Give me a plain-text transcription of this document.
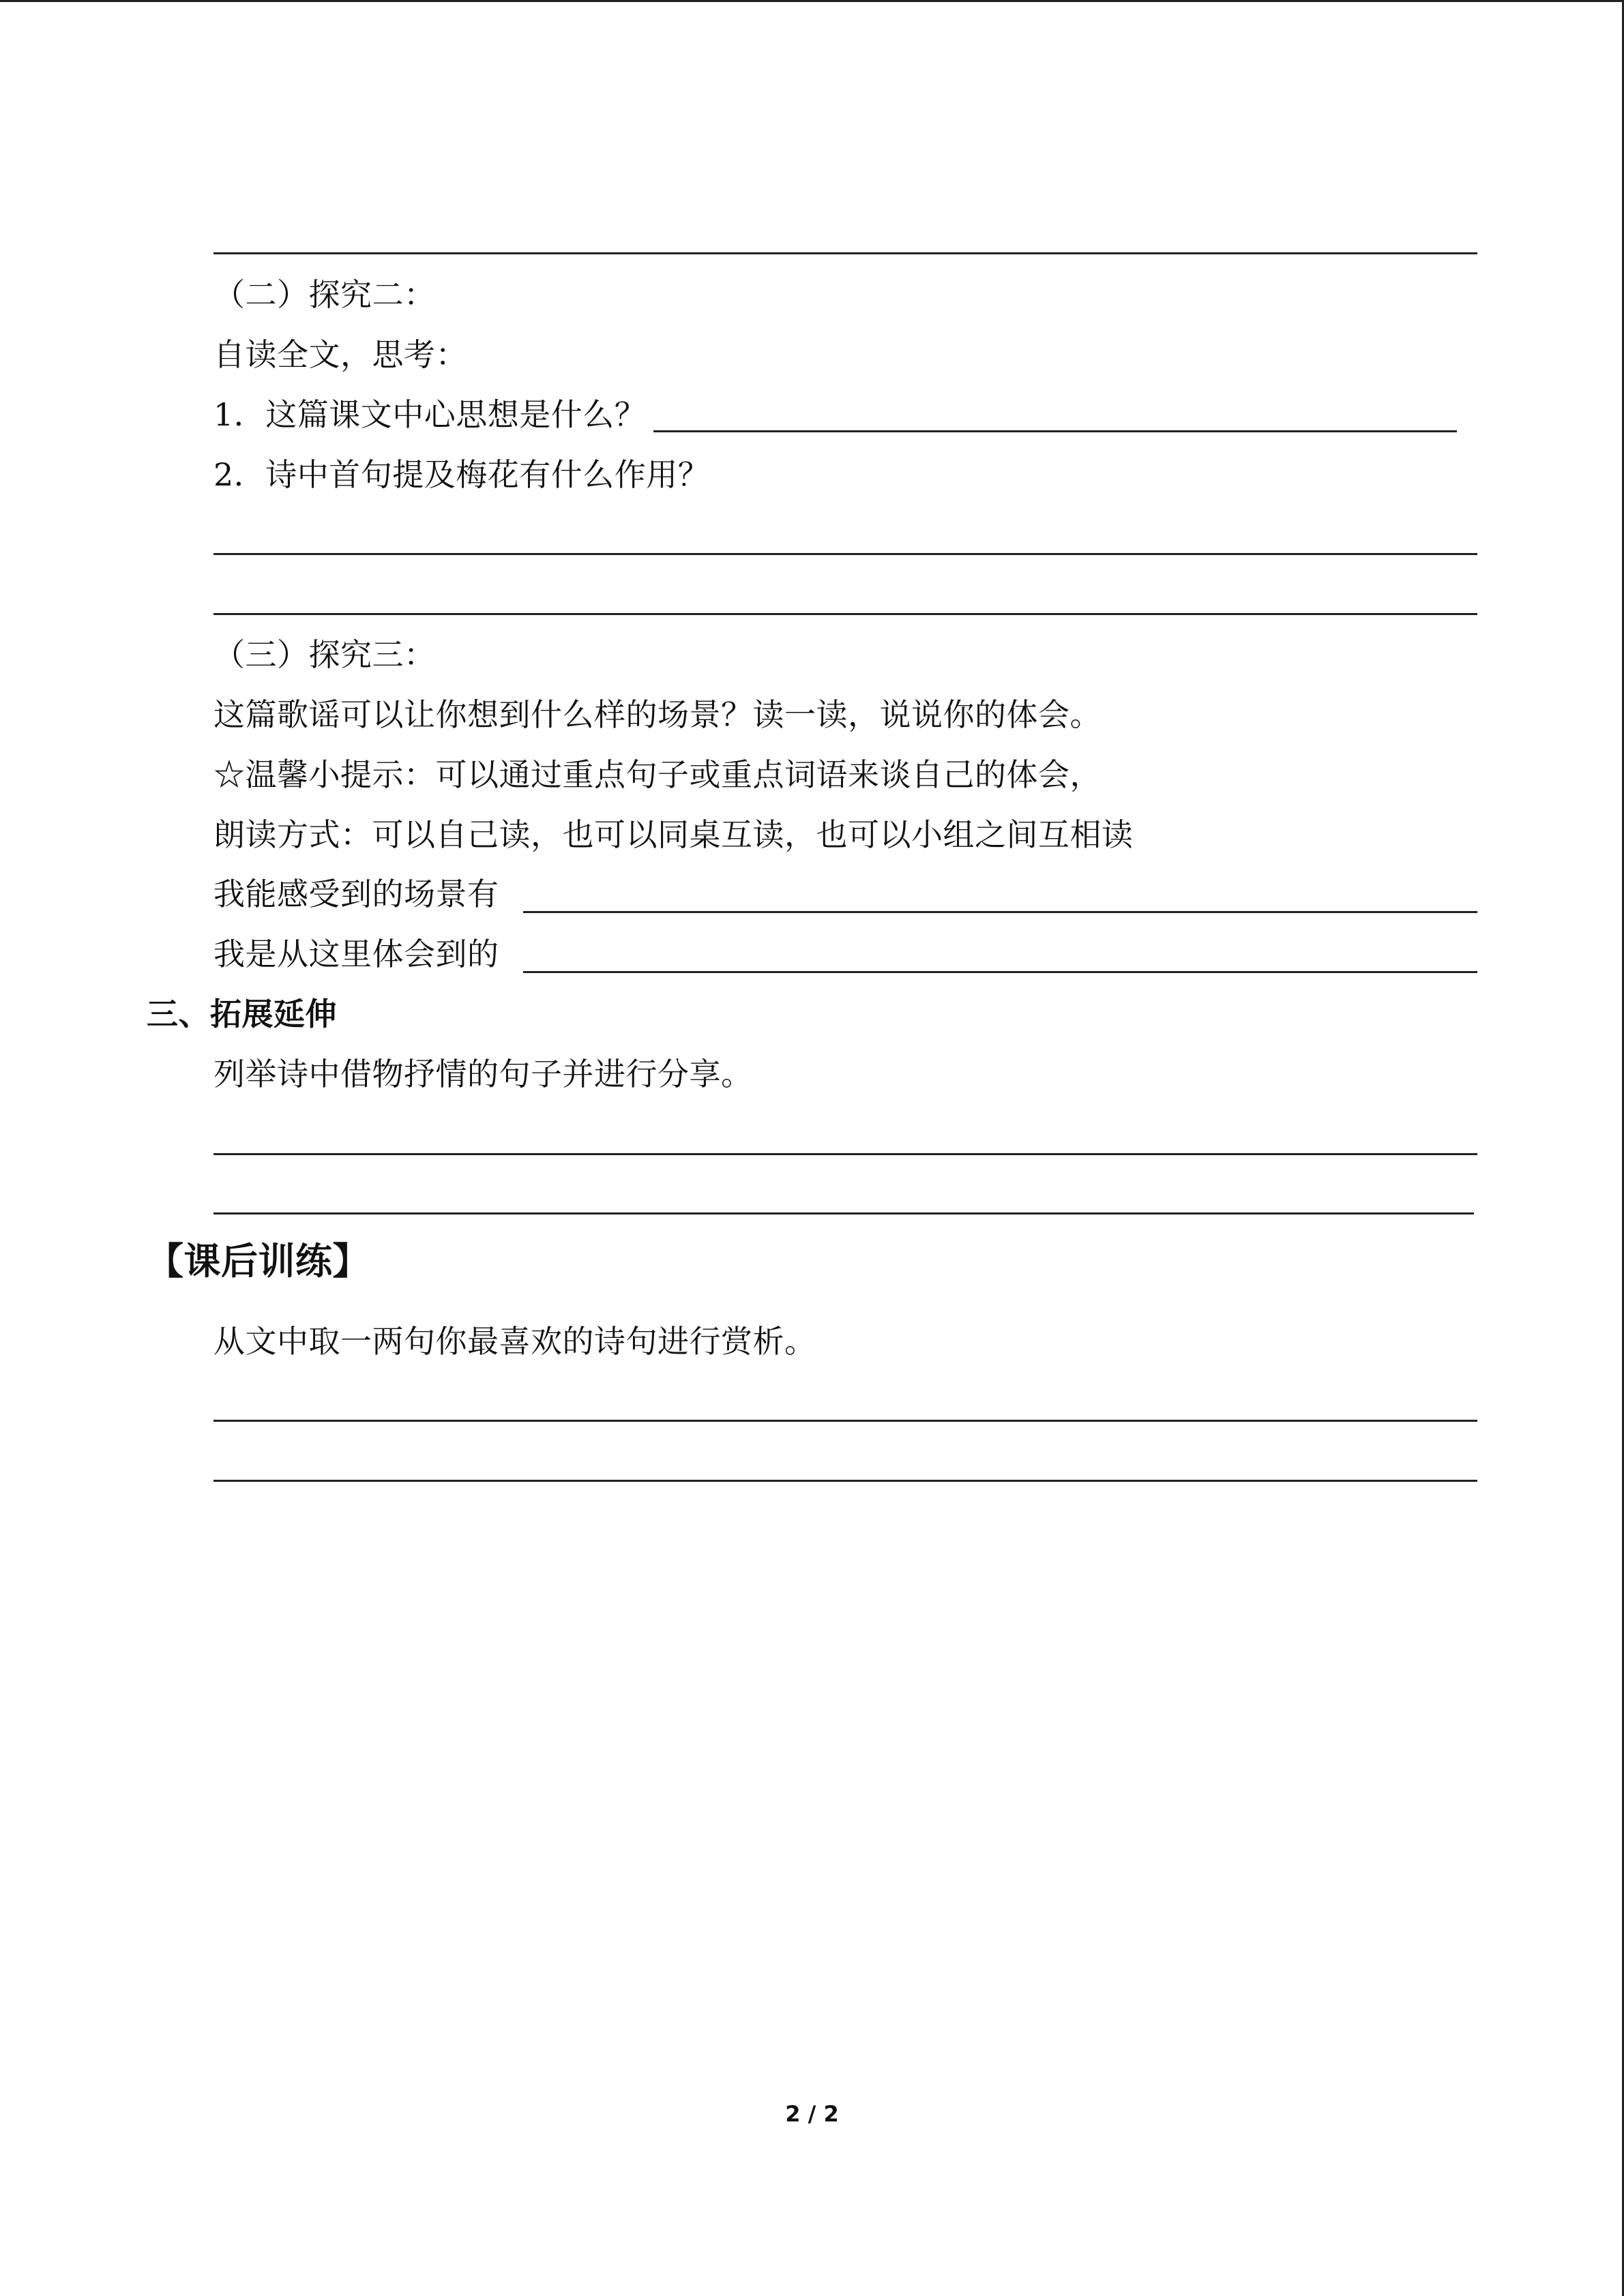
（二）探究二：
自读全文，思考：
1．这篇课文中心思想是什么？
2．诗中首句提及梅花有什么作用？
（三）探究三：
这篇歌谣可以让你想到什么样的场景？读一读，说说你的体会。
☆温馨小提示：可以通过重点句子或重点词语来谈自己的体会，
朗读方式：可以自己读，也可以同桌互读，也可以小组之间互相读
我能感受到的场景有
我是从这里体会到的
三、拓展延伸
列举诗中借物抒情的句子并进行分享。
【课后训练】
从文中取一两句你最喜欢的诗句进行赏析。
2 / 2
